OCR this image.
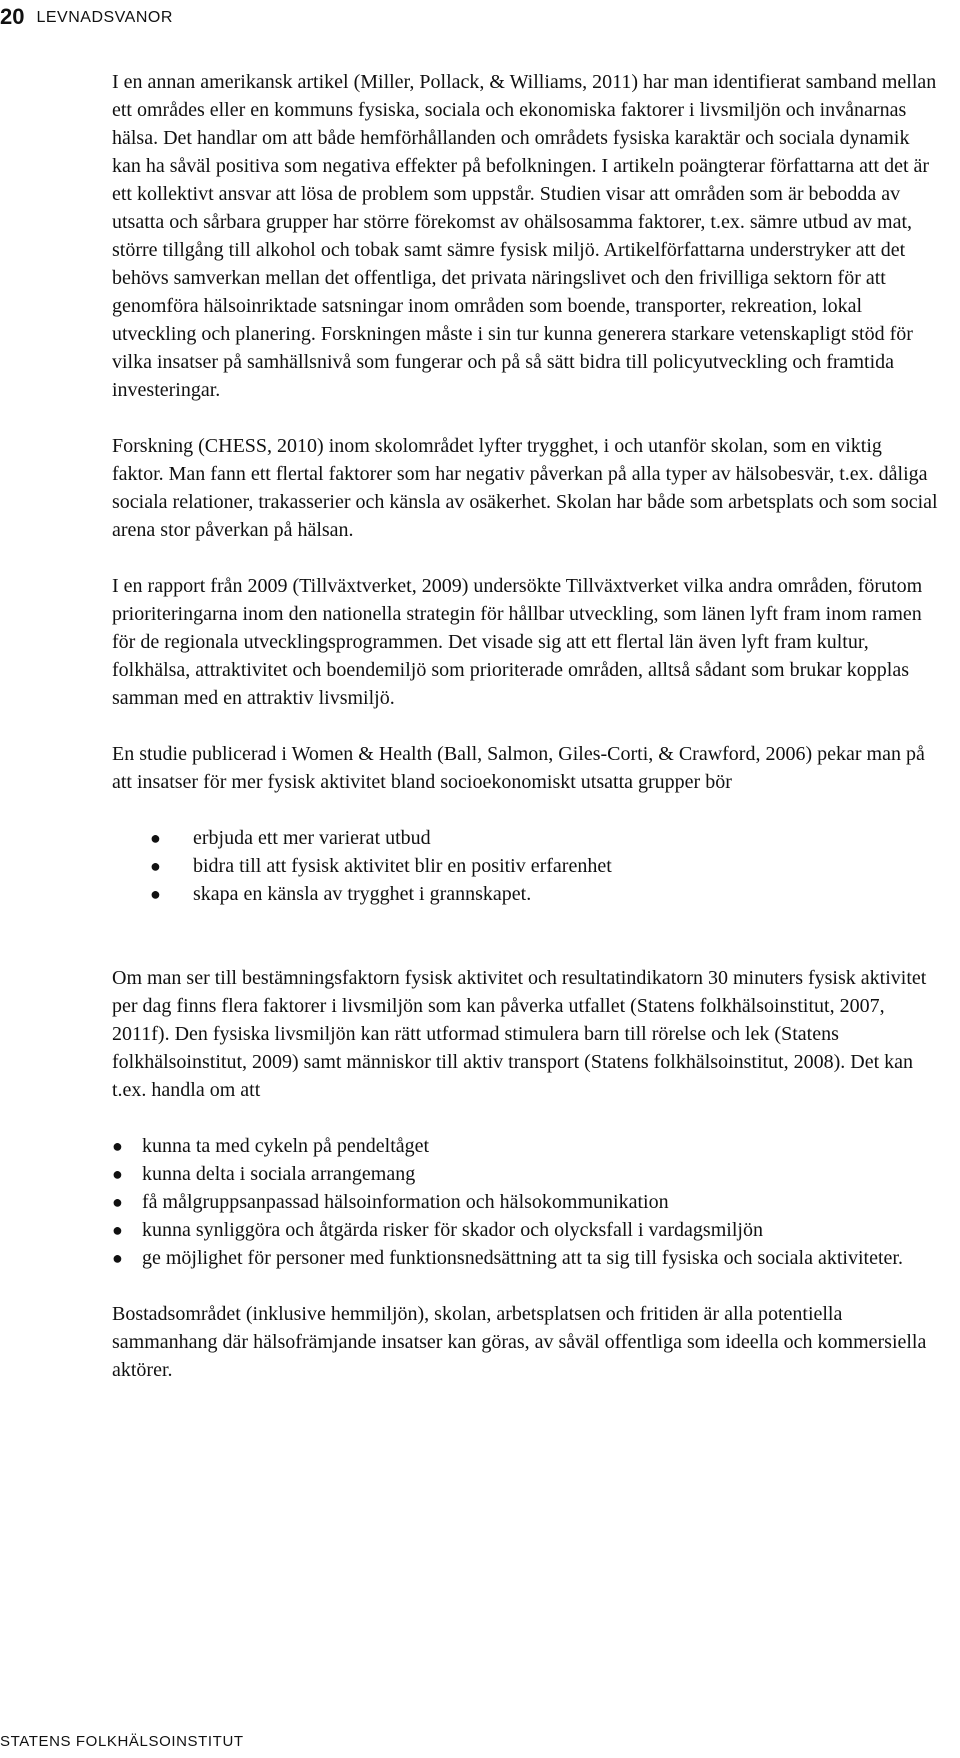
20 LEVNADSVANOR

I en annan amerikansk artikel (Miller, Pollack, & Williams, 2011) har man identifierat samband mellan ett områdes eller en kommuns fysiska, sociala och ekonomiska faktorer i livsmiljön och invånarnas hälsa. Det handlar om att både hemförhållanden och områdets fysiska karaktär och sociala dynamik kan ha såväl positiva som negativa effekter på befolkningen. I artikeln poängterar författarna att det är ett kollektivt ansvar att lösa de problem som uppstår. Studien visar att områden som är bebodda av utsatta och sårbara grupper har större förekomst av ohälsosamma faktorer, t.ex. sämre utbud av mat, större tillgång till alkohol och tobak samt sämre fysisk miljö. Artikelförfattarna understryker att det behövs samverkan mellan det offentliga, det privata näringslivet och den frivilliga sektorn för att genomföra hälsoinriktade satsningar inom områden som boende, transporter, rekreation, lokal utveckling och planering. Forskningen måste i sin tur kunna generera starkare vetenskapligt stöd för vilka insatser på samhällsnivå som fungerar och på så sätt bidra till policyutveckling och framtida investeringar.

Forskning (CHESS, 2010) inom skolområdet lyfter trygghet, i och utanför skolan, som en viktig faktor. Man fann ett flertal faktorer som har negativ påverkan på alla typer av hälsobesvär, t.ex. dåliga sociala relationer, trakasserier och känsla av osäkerhet. Skolan har både som arbetsplats och som social arena stor påverkan på hälsan.

I en rapport från 2009 (Tillväxtverket, 2009) undersökte Tillväxtverket vilka andra områden, förutom prioriteringarna inom den nationella strategin för hållbar utveckling, som länen lyft fram inom ramen för de regionala utvecklingsprogrammen. Det visade sig att ett flertal län även lyft fram kultur, folkhälsa, attraktivitet och boendemiljö som prioriterade områden, alltså sådant som brukar kopplas samman med en attraktiv livsmiljö.

En studie publicerad i Women & Health (Ball, Salmon, Giles-Corti, & Crawford, 2006) pekar man på att insatser för mer fysisk aktivitet bland socioekonomiskt utsatta grupper bör

● erbjuda ett mer varierat utbud
● bidra till att fysisk aktivitet blir en positiv erfarenhet
● skapa en känsla av trygghet i grannskapet.

Om man ser till bestämningsfaktorn fysisk aktivitet och resultatindikatorn 30 minuters fysisk aktivitet per dag finns flera faktorer i livsmiljön som kan påverka utfallet (Statens folkhälsoinstitut, 2007, 2011f). Den fysiska livsmiljön kan rätt utformad stimulera barn till rörelse och lek (Statens folkhälsoinstitut, 2009) samt människor till aktiv transport (Statens folkhälsoinstitut, 2008). Det kan t.ex. handla om att

● kunna ta med cykeln på pendeltåget
● kunna delta i sociala arrangemang
● få målgruppsanpassad hälsoinformation och hälsokommunikation
● kunna synliggöra och åtgärda risker för skador och olycksfall i vardagsmiljön
● ge möjlighet för personer med funktionsnedsättning att ta sig till fysiska och sociala aktiviteter.

Bostadsområdet (inklusive hemmiljön), skolan, arbetsplatsen och fritiden är alla potentiella sammanhang där hälsofrämjande insatser kan göras, av såväl offentliga som ideella och kommersiella aktörer.

STATENS FOLKHÄLSOINSTITUT
